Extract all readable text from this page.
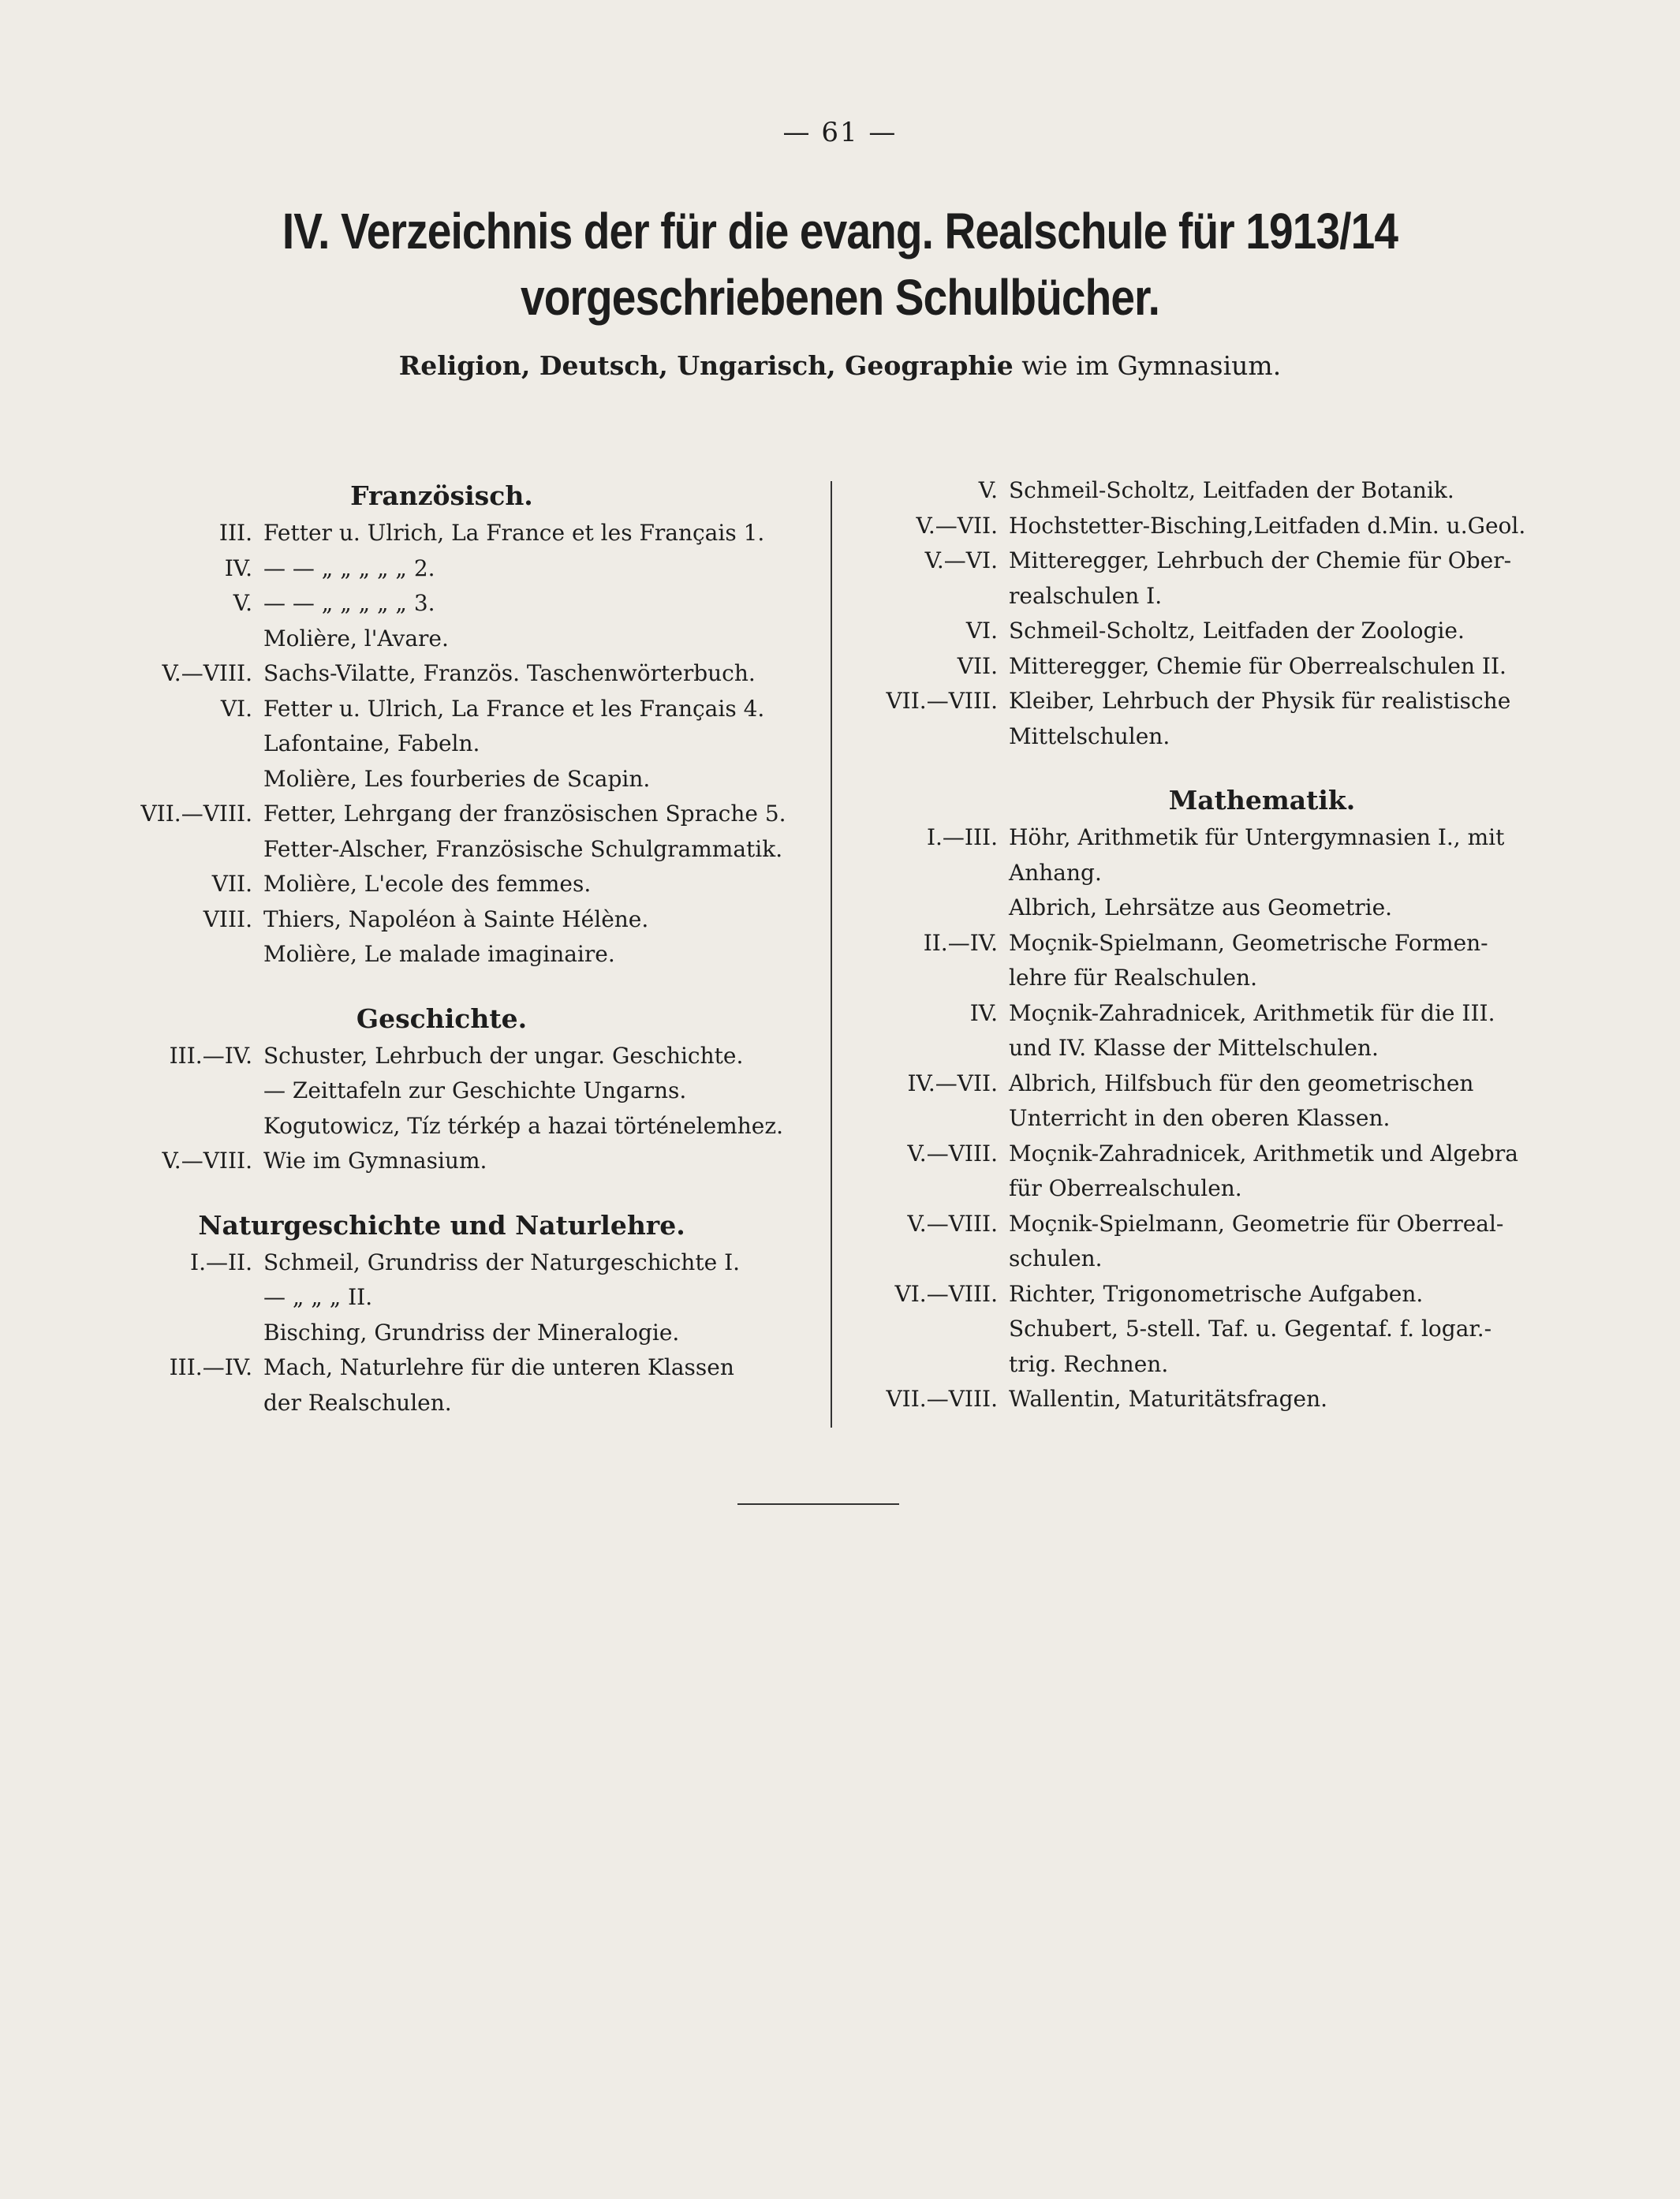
— 61 —
IV. Verzeichnis der für die evang. Realschule für 1913/14
vorgeschriebenen Schulbücher.
Religion, Deutsch, Ungarisch, Geographie wie im Gymnasium.
Französisch.
III. Fetter u. Ulrich, La France et les Français 1.
IV. — — „ „ „ „ „ 2.
V. — — „ „ „ „ „ 3.
Molière, l'Avare.
V.—VIII. Sachs-Vilatte, Französ. Taschenwörterbuch.
VI. Fetter u. Ulrich, La France et les Français 4.
Lafontaine, Fabeln.
Molière, Les fourberies de Scapin.
VII.—VIII. Fetter, Lehrgang der französischen Sprache 5.
Fetter-Alscher, Französische Schulgrammatik.
VII. Molière, L'ecole des femmes.
VIII. Thiers, Napoléon à Sainte Hélène.
Molière, Le malade imaginaire.
Geschichte.
III.—IV. Schuster, Lehrbuch der ungar. Geschichte.
— Zeittafeln zur Geschichte Ungarns.
Kogutowicz, Tíz térkép a hazai történelemhez.
V.—VIII. Wie im Gymnasium.
Naturgeschichte und Naturlehre.
I.—II. Schmeil, Grundriss der Naturgeschichte I.
— „ „ „ II.
Bisching, Grundriss der Mineralogie.
III.—IV. Mach, Naturlehre für die unteren Klassen
der Realschulen.
V. Schmeil-Scholtz, Leitfaden der Botanik.
V.—VII. Hochstetter-Bisching,Leitfaden d.Min. u.Geol.
V.—VI. Mitteregger, Lehrbuch der Chemie für Ober-
realschulen I.
VI. Schmeil-Scholtz, Leitfaden der Zoologie.
VII. Mitteregger, Chemie für Oberrealschulen II.
VII.—VIII. Kleiber, Lehrbuch der Physik für realistische
Mittelschulen.
Mathematik.
I.—III. Höhr, Arithmetik für Untergymnasien I., mit
Anhang.
Albrich, Lehrsätze aus Geometrie.
II.—IV. Moçnik-Spielmann, Geometrische Formen-
lehre für Realschulen.
IV. Moçnik-Zahradnicek, Arithmetik für die III.
und IV. Klasse der Mittelschulen.
IV.—VII. Albrich, Hilfsbuch für den geometrischen
Unterricht in den oberen Klassen.
V.—VIII. Moçnik-Zahradnicek, Arithmetik und Algebra
für Oberrealschulen.
V.—VIII. Moçnik-Spielmann, Geometrie für Oberreal-
schulen.
VI.—VIII. Richter, Trigonometrische Aufgaben.
Schubert, 5-stell. Taf. u. Gegentaf. f. logar.-
trig. Rechnen.
VII.—VIII. Wallentin, Maturitätsfragen.
